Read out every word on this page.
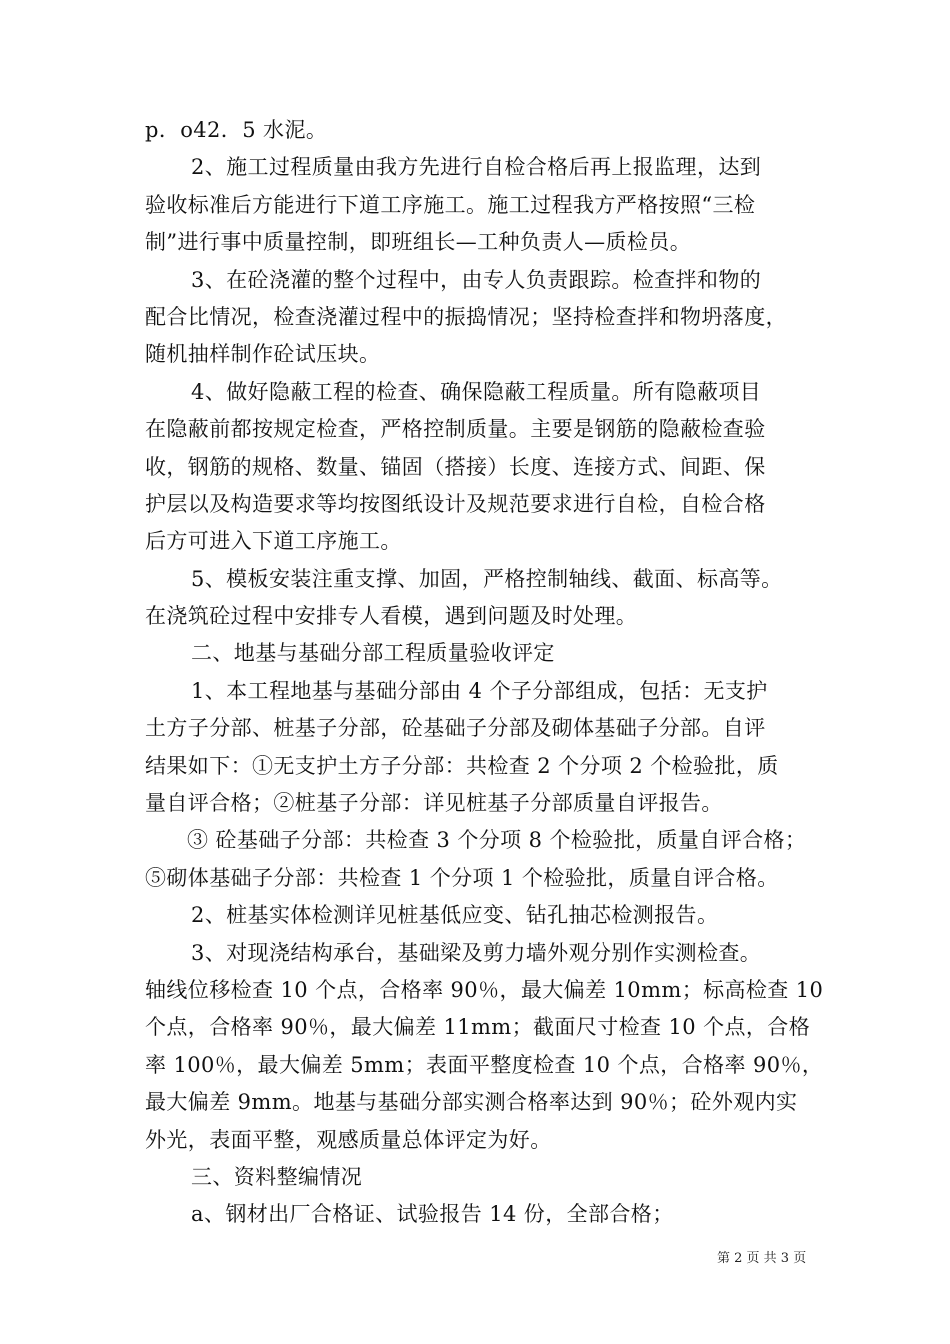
p．o42．5 水泥。
2、施工过程质量由我方先进行自检合格后再上报监理，达到
验收标准后方能进行下道工序施工。施工过程我方严格按照“三检
制”进行事中质量控制，即班组长—工种负责人—质检员。
3、在砼浇灌的整个过程中，由专人负责跟踪。检查拌和物的
配合比情况，检查浇灌过程中的振捣情况；坚持检查拌和物坍落度，
随机抽样制作砼试压块。
4、做好隐蔽工程的检查、确保隐蔽工程质量。所有隐蔽项目
在隐蔽前都按规定检查，严格控制质量。主要是钢筋的隐蔽检查验
收，钢筋的规格、数量、锚固（搭接）长度、连接方式、间距、保
护层以及构造要求等均按图纸设计及规范要求进行自检，自检合格
后方可进入下道工序施工。
5、模板安装注重支撑、加固，严格控制轴线、截面、标高等。
在浇筑砼过程中安排专人看模，遇到问题及时处理。
二、地基与基础分部工程质量验收评定
1、本工程地基与基础分部由 4 个子分部组成，包括：无支护
土方子分部、桩基子分部，砼基础子分部及砌体基础子分部。自评
结果如下：①无支护土方子分部：共检查 2 个分项 2 个检验批，质
量自评合格；②桩基子分部：详见桩基子分部质量自评报告。
③ 砼基础子分部：共检查 3 个分项 8 个检验批，质量自评合格；
⑤砌体基础子分部：共检查 1 个分项 1 个检验批，质量自评合格。
2、桩基实体检测详见桩基低应变、钻孔抽芯检测报告。
3、对现浇结构承台，基础梁及剪力墙外观分别作实测检查。
轴线位移检查 10 个点，合格率 90％，最大偏差 10mm；标高检查 10
个点，合格率 90％，最大偏差 11mm；截面尺寸检查 10 个点，合格
率 100％，最大偏差 5mm；表面平整度检查 10 个点，合格率 90％，
最大偏差 9mm。地基与基础分部实测合格率达到 90％；砼外观内实
外光，表面平整，观感质量总体评定为好。
三、资料整编情况
a、钢材出厂合格证、试验报告 14 份，全部合格；
第 2 页 共 3 页
